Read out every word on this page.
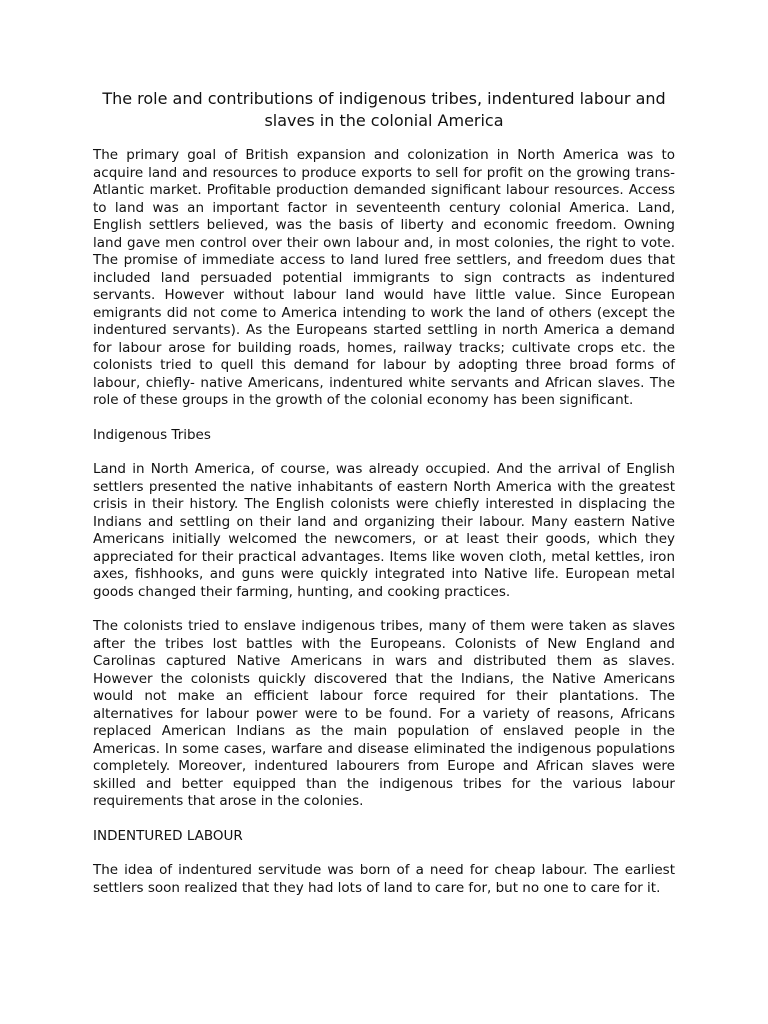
The role and contributions of indigenous tribes, indentured labour and slaves in the colonial America

The primary goal of British expansion and colonization in North America was to acquire land and resources to produce exports to sell for profit on the growing trans-Atlantic market. Profitable production demanded significant labour resources. Access to land was an important factor in seventeenth century colonial America. Land, English settlers believed, was the basis of liberty and economic freedom. Owning land gave men control over their own labour and, in most colonies, the right to vote. The promise of immediate access to land lured free settlers, and freedom dues that included land persuaded potential immigrants to sign contracts as indentured servants. However without labour land would have little value. Since European emigrants did not come to America intending to work the land of others (except the indentured servants). As the Europeans started settling in north America a demand for labour arose for building roads, homes, railway tracks; cultivate crops etc. the colonists tried to quell this demand for labour by adopting three broad forms of labour, chiefly- native Americans, indentured white servants and African slaves. The role of these groups in the growth of the colonial economy has been significant.

Indigenous Tribes

Land in North America, of course, was already occupied. And the arrival of English settlers presented the native inhabitants of eastern North America with the greatest crisis in their history. The English colonists were chiefly interested in displacing the Indians and settling on their land and organizing their labour. Many eastern Native Americans initially welcomed the newcomers, or at least their goods, which they appreciated for their practical advantages. Items like woven cloth, metal kettles, iron axes, fishhooks, and guns were quickly integrated into Native life. European metal goods changed their farming, hunting, and cooking practices.

The colonists tried to enslave indigenous tribes, many of them were taken as slaves after the tribes lost battles with the Europeans. Colonists of New England and Carolinas captured Native Americans in wars and distributed them as slaves. However the colonists quickly discovered that the Indians, the Native Americans would not make an efficient labour force required for their plantations. The alternatives for labour power were to be found. For a variety of reasons, Africans replaced American Indians as the main population of enslaved people in the Americas. In some cases, warfare and disease eliminated the indigenous populations completely. Moreover, indentured labourers from Europe and African slaves were skilled and better equipped than the indigenous tribes for the various labour requirements that arose in the colonies.

INDENTURED LABOUR

The idea of indentured servitude was born of a need for cheap labour. The earliest settlers soon realized that they had lots of land to care for, but no one to care for it.
